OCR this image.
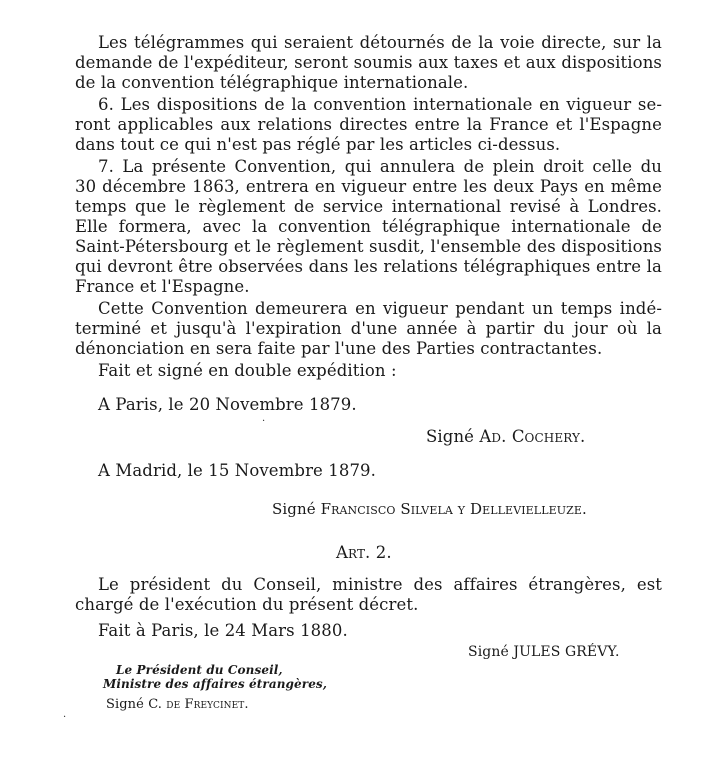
Les télégrammes qui seraient détournés de la voie directe, sur la
demande de l'expéditeur, seront soumis aux taxes et aux dispositions
de la convention télégraphique internationale.
6. Les dispositions de la convention internationale en vigueur se-
ront applicables aux relations directes entre la France et l'Espagne
dans tout ce qui n'est pas réglé par les articles ci-dessus.
7. La présente Convention, qui annulera de plein droit celle du
30 décembre 1863, entrera en vigueur entre les deux Pays en même
temps que le règlement de service international revisé à Londres.
Elle formera, avec la convention télégraphique internationale de
Saint-Pétersbourg et le règlement susdit, l'ensemble des dispositions
qui devront être observées dans les relations télégraphiques entre la
France et l'Espagne.
Cette Convention demeurera en vigueur pendant un temps indé-
terminé et jusqu'à l'expiration d'une année à partir du jour où la
dénonciation en sera faite par l'une des Parties contractantes.
Fait et signé en double expédition :
A Paris, le 20 Novembre 1879.
Signé Ad. Cochery.
A Madrid, le 15 Novembre 1879.
Signé Francisco Silvela y Dellevielleuze.
Art. 2.
Le président du Conseil, ministre des affaires étrangères, est
chargé de l'exécution du présent décret.
Fait à Paris, le 24 Mars 1880.
Signé JULES GRÉVY.
Le Président du Conseil,
Ministre des affaires étrangères,
Signé C. de Freycinet.
·
·
